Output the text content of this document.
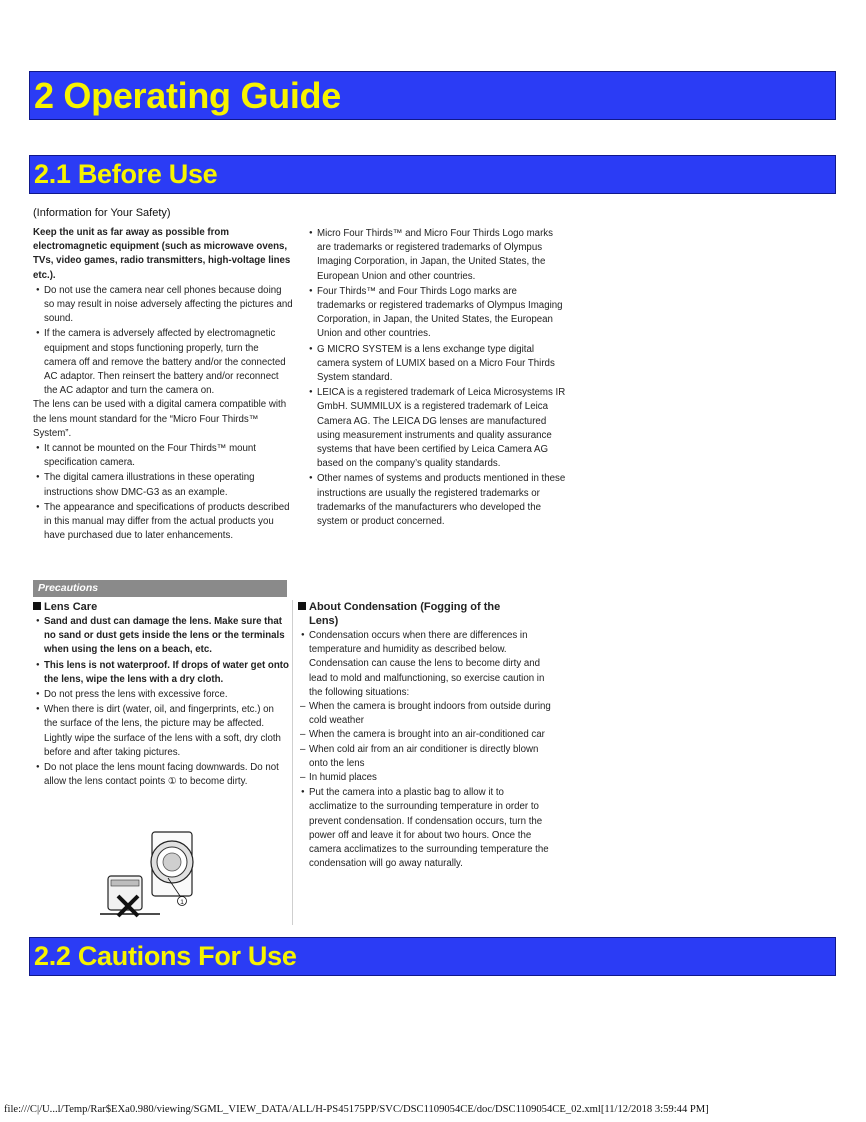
2 Operating Guide
2.1 Before Use
(Information for Your Safety)

Keep the unit as far away as possible from electromagnetic equipment (such as microwave ovens, TVs, video games, radio transmitters, high-voltage lines etc.).

● Do not use the camera near cell phones because doing so may result in noise adversely affecting the pictures and sound.

● If the camera is adversely affected by electromagnetic equipment and stops functioning properly, turn the camera off and remove the battery and/or the connected AC adaptor. Then reinsert the battery and/or reconnect the AC adaptor and turn the camera on.

The lens can be used with a digital camera compatible with the lens mount standard for the “Micro Four Thirds™ System”.

● It cannot be mounted on the Four Thirds™ mount specification camera.

● The digital camera illustrations in these operating instructions show DMC-G3 as an example.

● The appearance and specifications of products described in this manual may differ from the actual products you have purchased due to later enhancements.

● Micro Four Thirds™ and Micro Four Thirds Logo marks are trademarks or registered trademarks of Olympus Imaging Corporation, in Japan, the United States, the European Union and other countries.

● Four Thirds™ and Four Thirds Logo marks are trademarks or registered trademarks of Olympus Imaging Corporation, in Japan, the United States, the European Union and other countries.

● G MICRO SYSTEM is a lens exchange type digital camera system of LUMIX based on a Micro Four Thirds System standard.

● LEICA is a registered trademark of Leica Microsystems IR GmbH. SUMMILUX is a registered trademark of Leica Camera AG. The LEICA DG lenses are manufactured using measurement instruments and quality assurance systems that have been certified by Leica Camera AG based on the company’s quality standards.

● Other names of systems and products mentioned in these instructions are usually the registered trademarks or trademarks of the manufacturers who developed the system or product concerned.

Precautions

Lens Care

● Sand and dust can damage the lens. Make sure that no sand or dust gets inside the lens or the terminals when using the lens on a beach, etc.

● This lens is not waterproof. If drops of water get onto the lens, wipe the lens with a dry cloth.

● Do not press the lens with excessive force.

● When there is dirt (water, oil, and fingerprints, etc.) on the surface of the lens, the picture may be affected. Lightly wipe the surface of the lens with a soft, dry cloth before and after taking pictures.

● Do not place the lens mount facing downwards. Do not allow the lens contact points ① to become dirty.

About Condensation (Fogging of the

Lens)

● Condensation occurs when there are differences in temperature and humidity as described below. Condensation can cause the lens to become dirty and lead to mold and malfunctioning, so exercise caution in the following situations:

– When the camera is brought indoors from outside during cold weather

– When the camera is brought into an air-conditioned car

– When cold air from an air conditioner is directly blown onto the lens

– In humid places

● Put the camera into a plastic bag to allow it to acclimatize to the surrounding temperature in order to prevent condensation. If condensation occurs, turn the power off and leave it for about two hours. Once the camera acclimatizes to the surrounding temperature the condensation will go away naturally.

1
2.2 Cautions For Use
file:///C|/U...l/Temp/Rar$EXa0.980/viewing/SGML_VIEW_DATA/ALL/H-PS45175PP/SVC/DSC1109054CE/doc/DSC1109054CE_02.xml[11/12/2018 3:59:44 PM]
